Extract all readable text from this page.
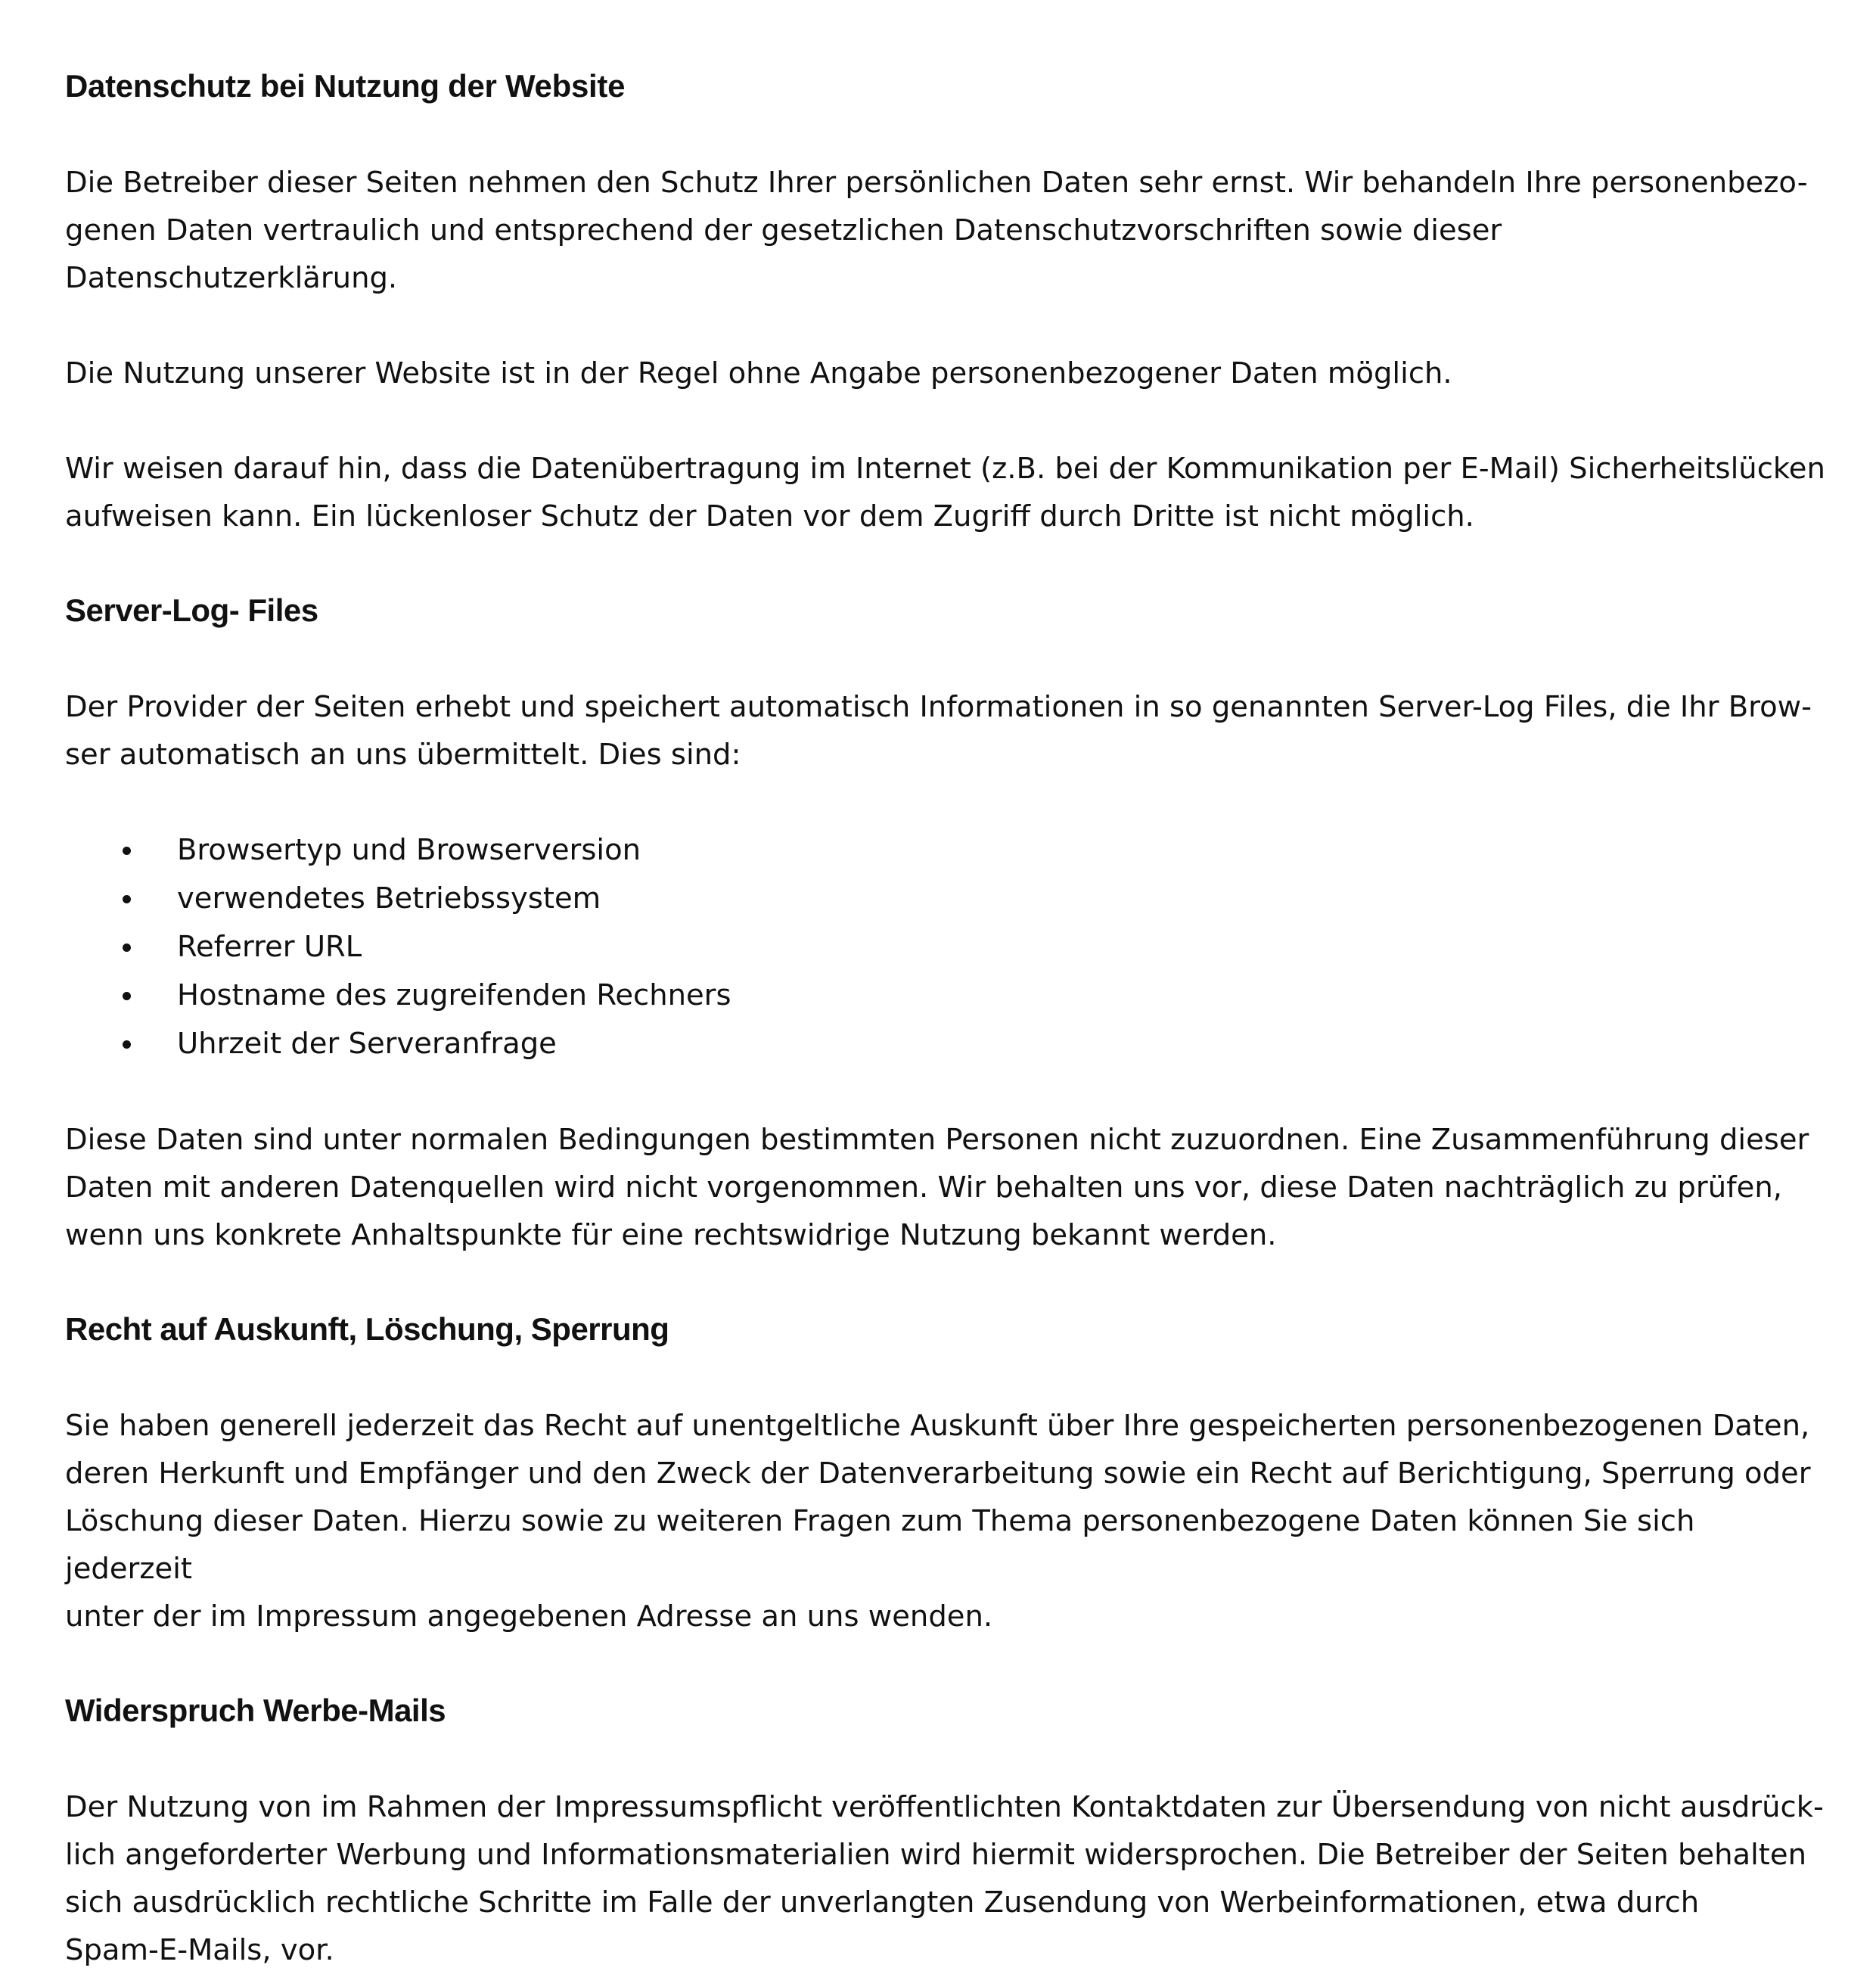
Datenschutz bei Nutzung der Website

Die Betreiber dieser Seiten nehmen den Schutz Ihrer persönlichen Daten sehr ernst. Wir behandeln Ihre personenbezo-
genen Daten vertraulich und entsprechend der gesetzlichen Datenschutzvorschriften sowie dieser Datenschutzerklärung.

Die Nutzung unserer Website ist in der Regel ohne Angabe personenbezogener Daten möglich.

Wir weisen darauf hin, dass die Datenübertragung im Internet (z.B. bei der Kommunikation per E-Mail) Sicherheitslücken
aufweisen kann. Ein lückenloser Schutz der Daten vor dem Zugriff durch Dritte ist nicht möglich.

Server-Log- Files

Der Provider der Seiten erhebt und speichert automatisch Informationen in so genannten Server-Log Files, die Ihr Brow-
ser automatisch an uns übermittelt. Dies sind:

Browsertyp und Browserversion
verwendetes Betriebssystem
Referrer URL
Hostname des zugreifenden Rechners
Uhrzeit der Serveranfrage

Diese Daten sind unter normalen Bedingungen bestimmten Personen nicht zuzuordnen. Eine Zusammenführung dieser
Daten mit anderen Datenquellen wird nicht vorgenommen. Wir behalten uns vor, diese Daten nachträglich zu prüfen,
wenn uns konkrete Anhaltspunkte für eine rechtswidrige Nutzung bekannt werden.

Recht auf Auskunft, Löschung, Sperrung

Sie haben generell jederzeit das Recht auf unentgeltliche Auskunft über Ihre gespeicherten personenbezogenen Daten,
deren Herkunft und Empfänger und den Zweck der Datenverarbeitung sowie ein Recht auf Berichtigung, Sperrung oder
Löschung dieser Daten. Hierzu sowie zu weiteren Fragen zum Thema personenbezogene Daten können Sie sich jederzeit
unter der im Impressum angegebenen Adresse an uns wenden.

Widerspruch Werbe-Mails

Der Nutzung von im Rahmen der Impressumspflicht veröffentlichten Kontaktdaten zur Übersendung von nicht ausdrück-
lich angeforderter Werbung und Informationsmaterialien wird hiermit widersprochen. Die Betreiber der Seiten behalten
sich ausdrücklich rechtliche Schritte im Falle der unverlangten Zusendung von Werbeinformationen, etwa durch
Spam-E-Mails, vor.
